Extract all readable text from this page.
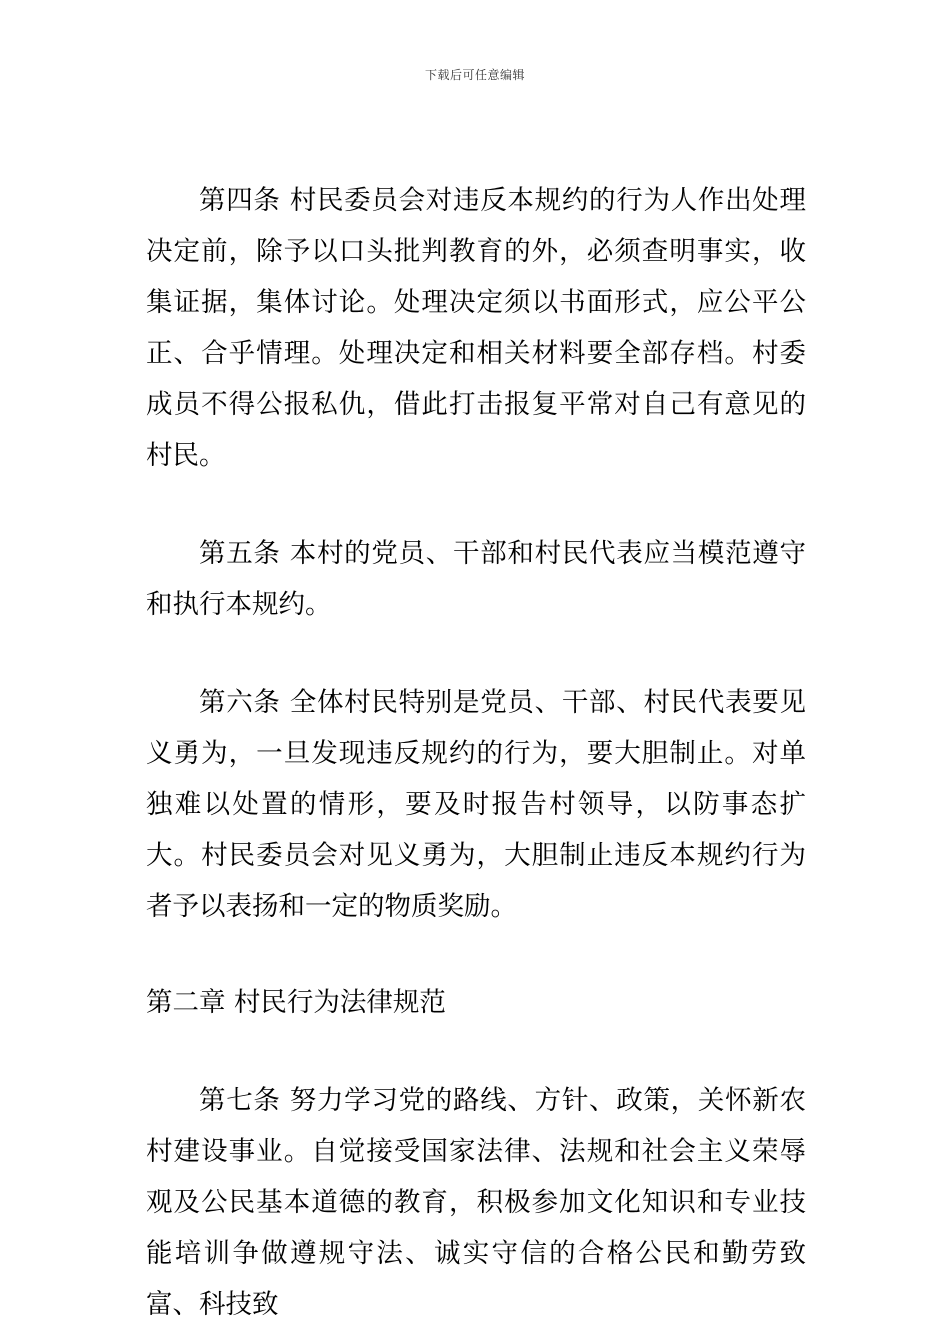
下载后可任意编辑

第四条 村民委员会对违反本规约的行为人作出处理决定前，除予以口头批判教育的外，必须查明事实，收集证据，集体讨论。处理决定须以书面形式，应公平公正、合乎情理。处理决定和相关材料要全部存档。村委成员不得公报私仇，借此打击报复平常对自己有意见的村民。

第五条 本村的党员、干部和村民代表应当模范遵守和执行本规约。

第六条 全体村民特别是党员、干部、村民代表要见义勇为，一旦发现违反规约的行为，要大胆制止。对单独难以处置的情形，要及时报告村领导，以防事态扩大。村民委员会对见义勇为，大胆制止违反本规约行为者予以表扬和一定的物质奖励。

第二章 村民行为法律规范

第七条 努力学习党的路线、方针、政策，关怀新农村建设事业。自觉接受国家法律、法规和社会主义荣辱观及公民基本道德的教育，积极参加文化知识和专业技能培训争做遵规守法、诚实守信的合格公民和勤劳致富、科技致
